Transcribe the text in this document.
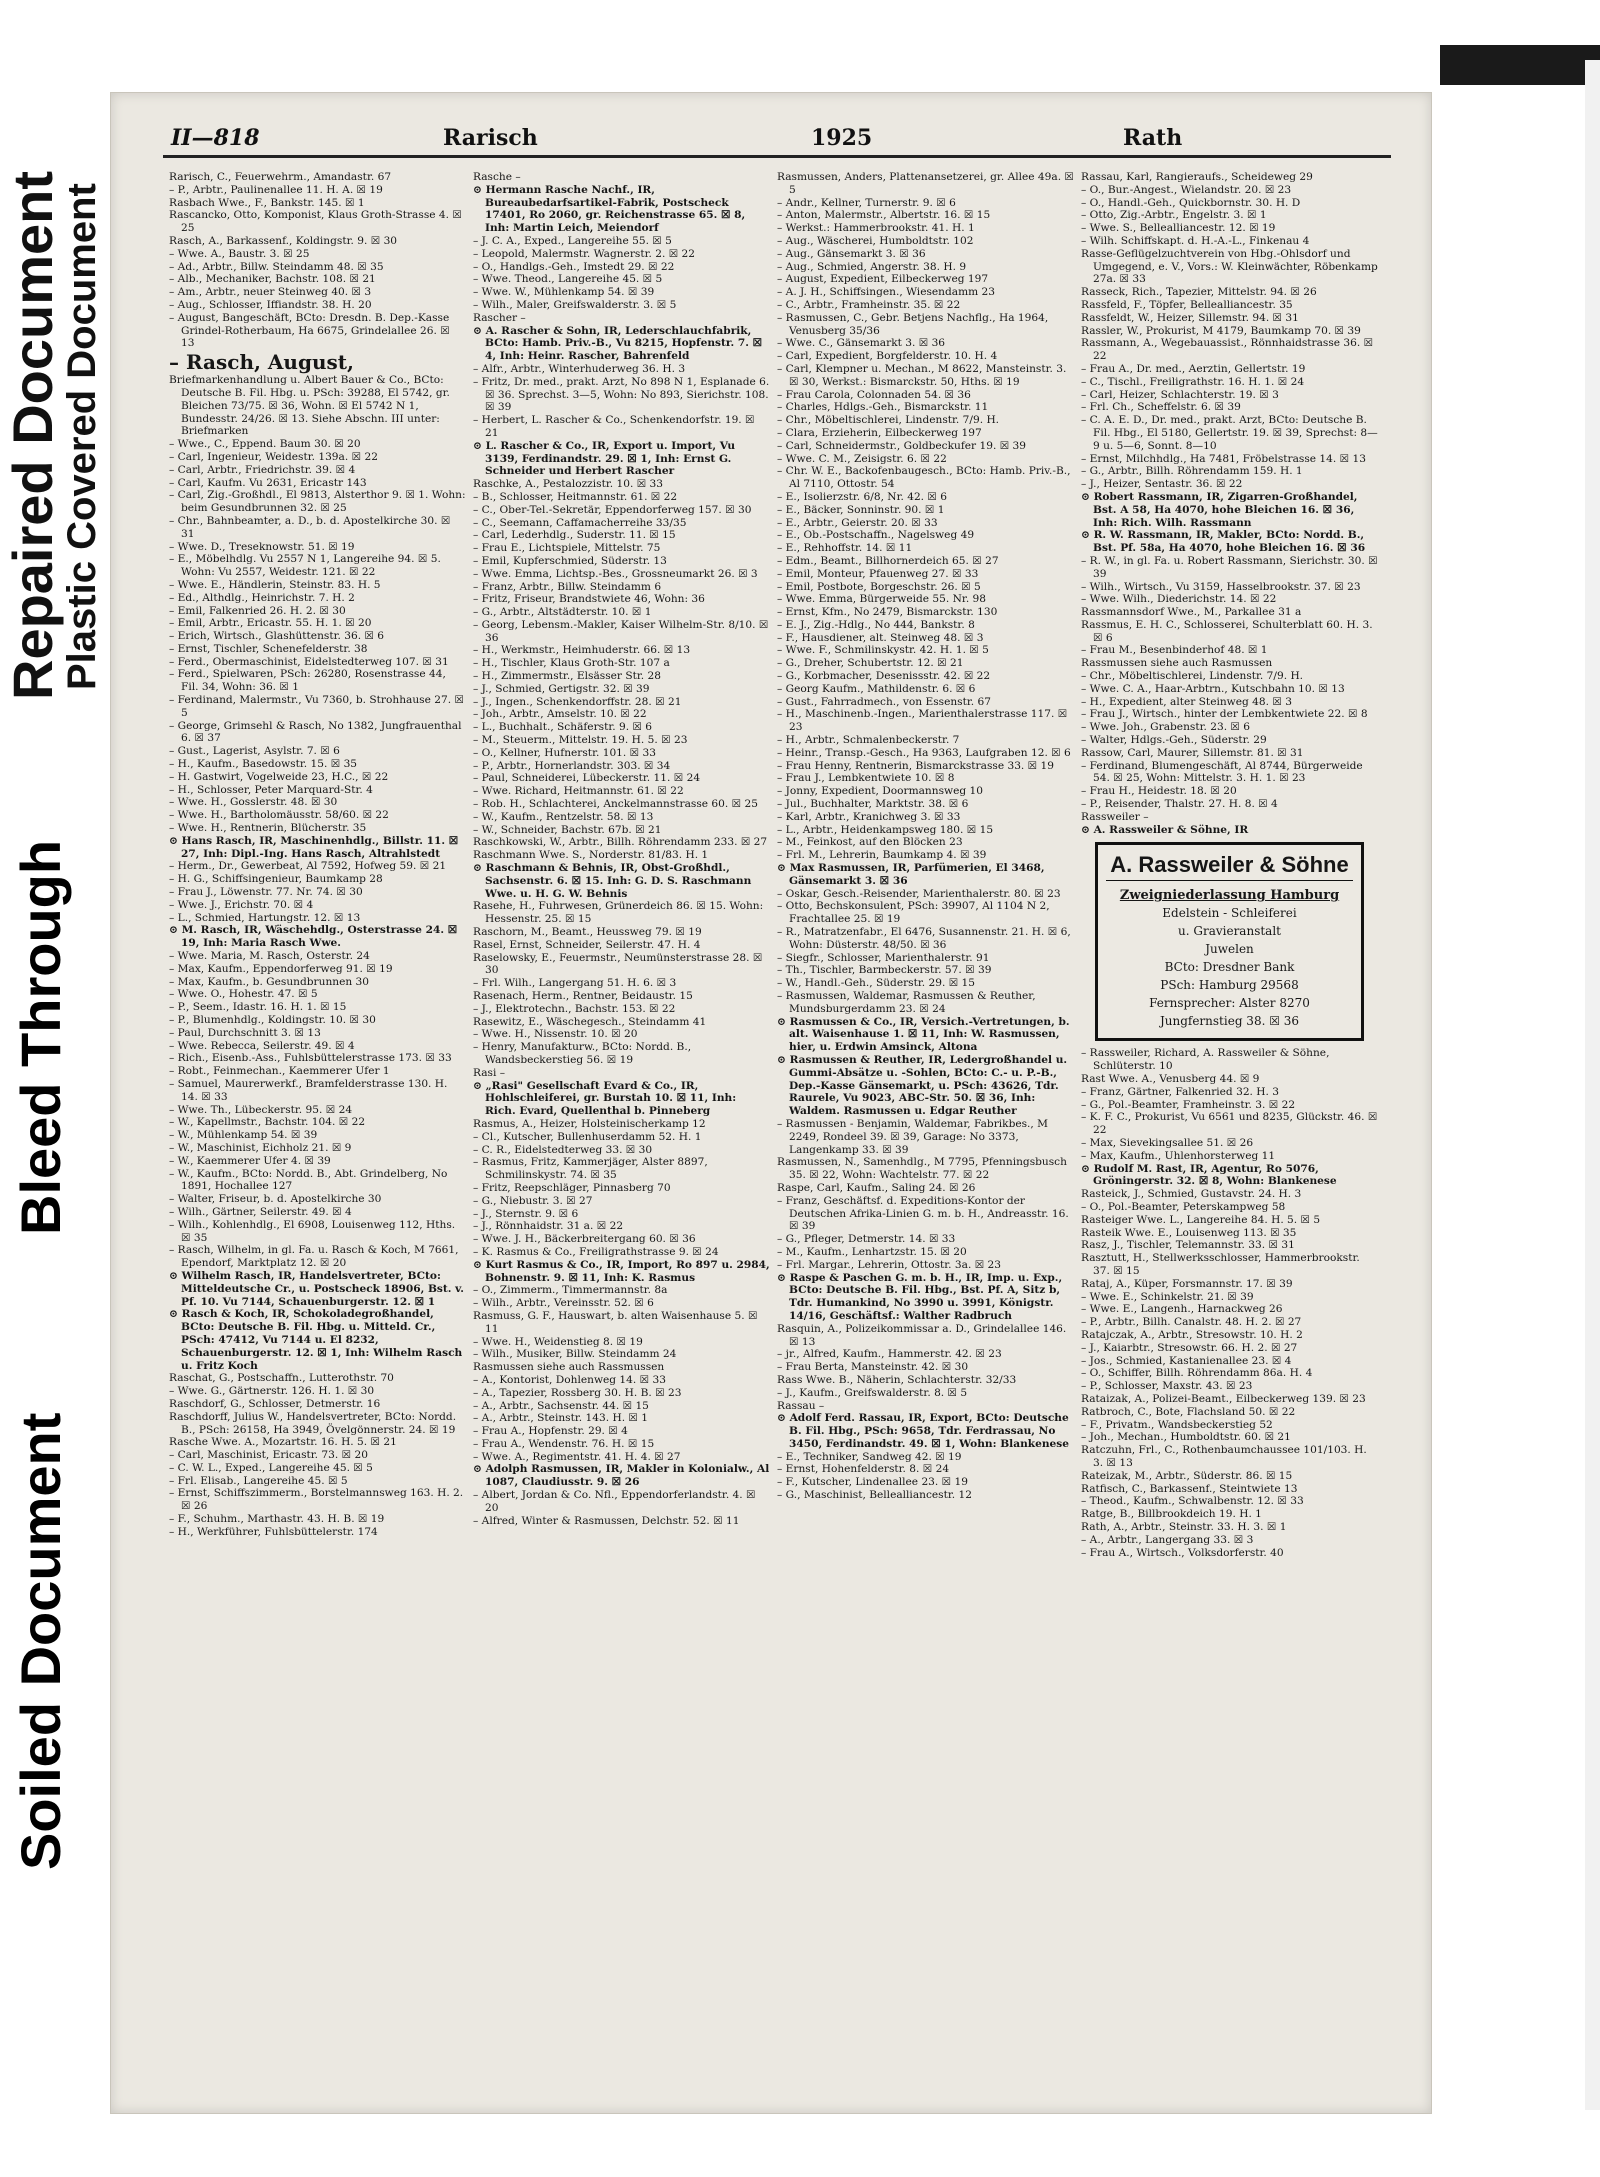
Repaired Document
Plastic Covered Document
Bleed Through
Soiled Document
II—818	Rarisch	1925	Rath

Rarisch, C., Feuerwehrm., Amandastr. 67

– P., Arbtr., Paulinenallee 11. H. A. ☒ 19

Rasbach Wwe., F., Bankstr. 145. ☒ 1

Rascancko, Otto, Komponist, Klaus Groth-Strasse 4. ☒ 25

Rasch, A., Barkassenf., Koldingstr. 9. ☒ 30

– Wwe. A., Baustr. 3. ☒ 25

– Ad., Arbtr., Billw. Steindamm 48. ☒ 35

– Alb., Mechaniker, Bachstr. 108. ☒ 21

– Am., Arbtr., neuer Steinweg 40. ☒ 3

– Aug., Schlosser, Iffiandstr. 38. H. 20

– August, Bangeschäft, BCto: Dresdn. B. Dep.-Kasse Grindel-Rotherbaum, Ha 6675, Grindelallee 26. ☒ 13

– Rasch, August,

Briefmarkenhandlung u. Albert Bauer & Co., BCto: Deutsche B. Fil. Hbg. u. PSch: 39288, El 5742, gr. Bleichen 73/75. ☒ 36, Wohn. ☒ El 5742 N 1, Bundesstr. 24/26. ☒ 13. Siehe Abschn. III unter: Briefmarken

– Wwe., C., Eppend. Baum 30. ☒ 20

– Carl, Ingenieur, Weidestr. 139a. ☒ 22

– Carl, Arbtr., Friedrichstr. 39. ☒ 4

– Carl, Kaufm. Vu 2631, Ericastr 143

– Carl, Zig.-Großhdl., El 9813, Alsterthor 9. ☒ 1. Wohn: beim Gesundbrunnen 32. ☒ 25

– Chr., Bahnbeamter, a. D., b. d. Apostelkirche 30. ☒ 31

– Wwe. D., Treseknowstr. 51. ☒ 19

– E., Möbelhdlg. Vu 2557 N 1, Langereihe 94. ☒ 5. Wohn: Vu 2557, Weidestr. 121. ☒ 22

– Wwe. E., Händlerin, Steinstr. 83. H. 5

– Ed., Althdlg., Heinrichstr. 7. H. 2

– Emil, Falkenried 26. H. 2. ☒ 30

– Emil, Arbtr., Ericastr. 55. H. 1. ☒ 20

– Erich, Wirtsch., Glashüttenstr. 36. ☒ 6

– Ernst, Tischler, Schenefelderstr. 38

– Ferd., Obermaschinist, Eidelstedterweg 107. ☒ 31

– Ferd., Spielwaren, PSch: 26280, Rosenstrasse 44, Fil. 34, Wohn: 36. ☒ 1

– Ferdinand, Malermstr., Vu 7360, b. Strohhause 27. ☒ 5

– George, Grimsehl & Rasch, No 1382, Jungfrauenthal 6. ☒ 37

– Gust., Lagerist, Asylstr. 7. ☒ 6

– H., Kaufm., Basedowstr. 15. ☒ 35

– H. Gastwirt, Vogelweide 23, H.C., ☒ 22

– H., Schlosser, Peter Marquard-Str. 4

– Wwe. H., Gosslerstr. 48. ☒ 30

– Wwe. H., Bartholomäusstr. 58/60. ☒ 22

– Wwe. H., Rentnerin, Blücherstr. 35

⊙ Hans Rasch, IR, Maschinenhdlg., Billstr. 11. ☒ 27, Inh: Dipl.-Ing. Hans Rasch, Altrahlstedt

– Herm., Dr., Gewerbeat, Al 7592, Hofweg 59. ☒ 21

– H. G., Schiffsingenieur, Baumkamp 28

– Frau J., Löwenstr. 77. Nr. 74. ☒ 30

– Wwe. J., Erichstr. 70. ☒ 4

– L., Schmied, Hartungstr. 12. ☒ 13

⊙ M. Rasch, IR, Wäschehdlg., Osterstrasse 24. ☒ 19, Inh: Maria Rasch Wwe.

– Wwe. Maria, M. Rasch, Osterstr. 24

– Max, Kaufm., Eppendorferweg 91. ☒ 19

– Max, Kaufm., b. Gesundbrunnen 30

– Wwe. O., Hohestr. 47. ☒ 5

– P., Seem., Idastr. 16. H. 1. ☒ 15

– P., Blumenhdlg., Koldingstr. 10. ☒ 30

– Paul, Durchschnitt 3. ☒ 13

– Wwe. Rebecca, Seilerstr. 49. ☒ 4

– Rich., Eisenb.-Ass., Fuhlsbüttelerstrasse 173. ☒ 33

– Robt., Feinmechan., Kaemmerer Ufer 1

– Samuel, Maurerwerkf., Bramfelderstrasse 130. H. 14. ☒ 33

– Wwe. Th., Lübeckerstr. 95. ☒ 24

– W., Kapellmstr., Bachstr. 104. ☒ 22

– W., Mühlenkamp 54. ☒ 39

– W., Maschinist, Eichholz 21. ☒ 9

– W., Kaemmerer Ufer 4. ☒ 39

– W., Kaufm., BCto: Nordd. B., Abt. Grindelberg, No 1891, Hochallee 127

– Walter, Friseur, b. d. Apostelkirche 30

– Wilh., Gärtner, Seilerstr. 49. ☒ 4

– Wilh., Kohlenhdlg., El 6908, Louisenweg 112, Hths. ☒ 35

– Rasch, Wilhelm, in gl. Fa. u. Rasch & Koch, M 7661, Ependorf, Marktplatz 12. ☒ 20

⊙ Wilhelm Rasch, IR, Handelsvertreter, BCto: Mitteldeutsche Cr., u. Postscheck 18906, Bst. v. Pf. 10. Vu 7144, Schauenburgerstr. 12. ☒ 1

⊙ Rasch & Koch, IR, Schokoladegroßhandel, BCto: Deutsche B. Fil. Hbg. u. Mitteld. Cr., PSch: 47412, Vu 7144 u. El 8232, Schauenburgerstr. 12. ☒ 1, Inh: Wilhelm Rasch u. Fritz Koch

Raschat, G., Postschaffn., Lutterothstr. 70

– Wwe. G., Gärtnerstr. 126. H. 1. ☒ 30

Raschdorf, G., Schlosser, Detmerstr. 16

Raschdorff, Julius W., Handelsvertreter, BCto: Nordd. B., PSch: 26158, Ha 3949, Övelgönnerstr. 24. ☒ 19

Rasche Wwe. A., Mozartstr. 16. H. 5. ☒ 21

– Carl, Maschinist, Ericastr. 73. ☒ 20

– C. W. L., Exped., Langereihe 45. ☒ 5

– Frl. Elisab., Langereihe 45. ☒ 5

– Ernst, Schiffszimmerm., Borstelmannsweg 163. H. 2. ☒ 26

– F., Schuhm., Marthastr. 43. H. B. ☒ 19

– H., Werkführer, Fuhlsbüttelerstr. 174

Rasche –

⊙ Hermann Rasche Nachf., IR, Bureaubedarfsartikel-Fabrik, Postscheck 17401, Ro 2060, gr. Reichenstrasse 65. ☒ 8, Inh: Martin Leich, Meiendorf

– J. C. A., Exped., Langereihe 55. ☒ 5

– Leopold, Malermstr. Wagnerstr. 2. ☒ 22

– O., Handlgs.-Geh., Imstedt 29. ☒ 22

– Wwe. Theod., Langereihe 45. ☒ 5

– Wwe. W., Mühlenkamp 54. ☒ 39

– Wilh., Maler, Greifswalderstr. 3. ☒ 5

Rascher –

⊙ A. Rascher & Sohn, IR, Lederschlauchfabrik, BCto: Hamb. Priv.-B., Vu 8215, Hopfenstr. 7. ☒ 4, Inh: Heinr. Rascher, Bahrenfeld

– Alfr., Arbtr., Winterhuderweg 36. H. 3

– Fritz, Dr. med., prakt. Arzt, No 898 N 1, Esplanade 6. ☒ 36. Sprechst. 3—5, Wohn: No 893, Sierichstr. 108. ☒ 39

– Herbert, L. Rascher & Co., Schenkendorfstr. 19. ☒ 21

⊙ L. Rascher & Co., IR, Export u. Import, Vu 3139, Ferdinandstr. 29. ☒ 1, Inh: Ernst G. Schneider und Herbert Rascher

Raschke, A., Pestalozzistr. 10. ☒ 33

– B., Schlosser, Heitmannstr. 61. ☒ 22

– C., Ober-Tel.-Sekretär, Eppendorferweg 157. ☒ 30

– C., Seemann, Caffamacherreihe 33/35

– Carl, Lederhdlg., Suderstr. 11. ☒ 15

– Frau E., Lichtspiele, Mittelstr. 75

– Emil, Kupferschmied, Süderstr. 13

– Wwe. Emma, Lichtsp.-Bes., Grossneumarkt 26. ☒ 3

– Franz, Arbtr., Billw. Steindamm 6

– Fritz, Friseur, Brandstwiete 46, Wohn: 36

– G., Arbtr., Altstädterstr. 10. ☒ 1

– Georg, Lebensm.-Makler, Kaiser Wilhelm-Str. 8/10. ☒ 36

– H., Werkmstr., Heimhuderstr. 66. ☒ 13

– H., Tischler, Klaus Groth-Str. 107 a

– H., Zimmermstr., Elsässer Str. 28

– J., Schmied, Gertigstr. 32. ☒ 39

– J., Ingen., Schenkendorffstr. 28. ☒ 21

– Joh., Arbtr., Amselstr. 10. ☒ 22

– L., Buchhalt., Schäferstr. 9. ☒ 6

– M., Steuerm., Mittelstr. 19. H. 5. ☒ 23

– O., Kellner, Hufnerstr. 101. ☒ 33

– P., Arbtr., Hornerlandstr. 303. ☒ 34

– Paul, Schneiderei, Lübeckerstr. 11. ☒ 24

– Wwe. Richard, Heitmannstr. 61. ☒ 22

– Rob. H., Schlachterei, Anckelmannstrasse 60. ☒ 25

– W., Kaufm., Rentzelstr. 58. ☒ 13

– W., Schneider, Bachstr. 67b. ☒ 21

Raschkowski, W., Arbtr., Billh. Röhrendamm 233. ☒ 27

Raschmann Wwe. S., Norderstr. 81/83. H. 1

⊙ Raschmann & Behnis, IR, Obst-Großhdl., Sachsenstr. 6. ☒ 15. Inh: G. D. S. Raschmann Wwe. u. H. G. W. Behnis

Rasehe, H., Fuhrwesen, Grünerdeich 86. ☒ 15. Wohn: Hessenstr. 25. ☒ 15

Raschorn, M., Beamt., Heussweg 79. ☒ 19

Rasel, Ernst, Schneider, Seilerstr. 47. H. 4

Raselowsky, E., Feuermstr., Neumünsterstrasse 28. ☒ 30

– Frl. Wilh., Langergang 51. H. 6. ☒ 3

Rasenach, Herm., Rentner, Beidaustr. 15

– J., Elektrotechn., Bachstr. 153. ☒ 22

Rasewitz, E., Wäschegesch., Steindamm 41

– Wwe. H., Nissenstr. 10. ☒ 20

– Henry, Manufakturw., BCto: Nordd. B., Wandsbeckerstieg 56. ☒ 19

Rasi –

⊙ „Rasi" Gesellschaft Evard & Co., IR, Hohlschleiferei, gr. Burstah 10. ☒ 11, Inh: Rich. Evard, Quellenthal b. Pinneberg

Rasmus, A., Heizer, Holsteinischerkamp 12

– Cl., Kutscher, Bullenhuserdamm 52. H. 1

– C. R., Eidelstedterweg 33. ☒ 30

– Rasmus, Fritz, Kammerjäger, Alster 8897, Schmilinskystr. 74. ☒ 35

– Fritz, Reepschläger, Pinnasberg 70

– G., Niebustr. 3. ☒ 27

– J., Sternstr. 9. ☒ 6

– J., Rönnhaidstr. 31 a. ☒ 22

– Wwe. J. H., Bäckerbreitergang 60. ☒ 36

– K. Rasmus & Co., Freiligrathstrasse 9. ☒ 24

⊙ Kurt Rasmus & Co., IR, Import, Ro 897 u. 2984, Bohnenstr. 9. ☒ 11, Inh: K. Rasmus

– O., Zimmerm., Timmermannstr. 8a

– Wilh., Arbtr., Vereinsstr. 52. ☒ 6

Rasmuss, G. F., Hauswart, b. alten Waisenhause 5. ☒ 11

– Wwe. H., Weidenstieg 8. ☒ 19

– Wilh., Musiker, Billw. Steindamm 24

Rasmussen siehe auch Rassmussen

– A., Kontorist, Dohlenweg 14. ☒ 33

– A., Tapezier, Rossberg 30. H. B. ☒ 23

– A., Arbtr., Sachsenstr. 44. ☒ 15

– A., Arbtr., Steinstr. 143. H. ☒ 1

– Frau A., Hopfenstr. 29. ☒ 4

– Frau A., Wendenstr. 76. H. ☒ 15

– Wwe. A., Regimentstr. 41. H. 4. ☒ 27

⊙ Adolph Rasmussen, IR, Makler in Kolonialw., Al 1087, Claudiusstr. 9. ☒ 26

– Albert, Jordan & Co. Nfl., Eppendorferlandstr. 4. ☒ 20

– Alfred, Winter & Rasmussen, Delchstr. 52. ☒ 11

Rasmussen, Anders, Plattenansetzerei, gr. Allee 49a. ☒ 5

– Andr., Kellner, Turnerstr. 9. ☒ 6

– Anton, Malermstr., Albertstr. 16. ☒ 15

– Werkst.: Hammerbrookstr. 41. H. 1

– Aug., Wäscherei, Humboldtstr. 102

– Aug., Gänsemarkt 3. ☒ 36

– Aug., Schmied, Angerstr. 38. H. 9

– August, Expedient, Eilbeckerweg 197

– A. J. H., Schiffsingen., Wiesendamm 23

– C., Arbtr., Framheinstr. 35. ☒ 22

– Rasmussen, C., Gebr. Betjens Nachflg., Ha 1964, Venusberg 35/36

– Wwe. C., Gänsemarkt 3. ☒ 36

– Carl, Expedient, Borgfelderstr. 10. H. 4

– Carl, Klempner u. Mechan., M 8622, Mansteinstr. 3. ☒ 30, Werkst.: Bismarckstr. 50, Hths. ☒ 19

– Frau Carola, Colonnaden 54. ☒ 36

– Charles, Hdlgs.-Geh., Bismarckstr. 11

– Chr., Möbeltischlerei, Lindenstr. 7/9. H.

– Clara, Erzieherin, Eilbeckerweg 197

– Carl, Schneidermstr., Goldbeckufer 19. ☒ 39

– Wwe. C. M., Zeisigstr. 6. ☒ 22

– Chr. W. E., Backofenbaugesch., BCto: Hamb. Priv.-B., Al 7110, Ottostr. 54

– E., Isolierzstr. 6/8, Nr. 42. ☒ 6

– E., Bäcker, Sonninstr. 90. ☒ 1

– E., Arbtr., Geierstr. 20. ☒ 33

– E., Ob.-Postschaffn., Nagelsweg 49

– E., Rehhoffstr. 14. ☒ 11

– Edm., Beamt., Billhornerdeich 65. ☒ 27

– Emil, Monteur, Pfauenweg 27. ☒ 33

– Emil, Postbote, Borgeschstr. 26. ☒ 5

– Wwe. Emma, Bürgerweide 55. Nr. 98

– Ernst, Kfm., No 2479, Bismarckstr. 130

– E. J., Zig.-Hdlg., No 444, Bankstr. 8

– F., Hausdiener, alt. Steinweg 48. ☒ 3

– Wwe. F., Schmilinskystr. 42. H. 1. ☒ 5

– G., Dreher, Schubertstr. 12. ☒ 21

– G., Korbmacher, Desenissstr. 42. ☒ 22

– Georg Kaufm., Mathildenstr. 6. ☒ 6

– Gust., Fahrradmech., von Essenstr. 67

– H., Maschinenb.-Ingen., Marienthalerstrasse 117. ☒ 23

– H., Arbtr., Schmalenbeckerstr. 7

– Heinr., Transp.-Gesch., Ha 9363, Laufgraben 12. ☒ 6

– Frau Henny, Rentnerin, Bismarckstrasse 33. ☒ 19

– Frau J., Lembkentwiete 10. ☒ 8

– Jonny, Expedient, Doormannsweg 10

– Jul., Buchhalter, Marktstr. 38. ☒ 6

– Karl, Arbtr., Kranichweg 3. ☒ 33

– L., Arbtr., Heidenkampsweg 180. ☒ 15

– M., Feinkost, auf den Blöcken 23

– Frl. M., Lehrerin, Baumkamp 4. ☒ 39

⊙ Max Rasmussen, IR, Parfümerien, El 3468, Gänsemarkt 3. ☒ 36

– Oskar, Gesch.-Reisender, Marienthalerstr. 80. ☒ 23

– Otto, Bechskonsulent, PSch: 39907, Al 1104 N 2, Frachtallee 25. ☒ 19

– R., Matratzenfabr., El 6476, Susannenstr. 21. H. ☒ 6, Wohn: Düsterstr. 48/50. ☒ 36

– Siegfr., Schlosser, Marienthalerstr. 91

– Th., Tischler, Barmbeckerstr. 57. ☒ 39

– W., Handl.-Geh., Süderstr. 29. ☒ 15

– Rasmussen, Waldemar, Rasmussen & Reuther, Mundsburgerdamm 23. ☒ 24

⊙ Rasmussen & Co., IR, Versich.-Vertretungen, b. alt. Waisenhause 1. ☒ 11, Inh: W. Rasmussen, hier, u. Erdwin Amsinck, Altona

⊙ Rasmussen & Reuther, IR, Ledergroßhandel u. Gummi-Absätze u. -Sohlen, BCto: C.- u. P.-B., Dep.-Kasse Gänsemarkt, u. PSch: 43626, Tdr. Raurele, Vu 9023, ABC-Str. 50. ☒ 36, Inh: Waldem. Rasmussen u. Edgar Reuther

– Rasmussen - Benjamin, Waldemar, Fabrikbes., M 2249, Rondeel 39. ☒ 39, Garage: No 3373, Langenkamp 33. ☒ 39

Rasmussen, N., Samenhdlg., M 7795, Pfenningsbusch 35. ☒ 22, Wohn: Wachtelstr. 77. ☒ 22

Raspe, Carl, Kaufm., Saling 24. ☒ 26

– Franz, Geschäftsf. d. Expeditions-Kontor der Deutschen Afrika-Linien G. m. b. H., Andreasstr. 16. ☒ 39

– G., Pfleger, Detmerstr. 14. ☒ 33

– M., Kaufm., Lenhartzstr. 15. ☒ 20

– Frl. Margar., Lehrerin, Ottostr. 3a. ☒ 23

⊙ Raspe & Paschen G. m. b. H., IR, Imp. u. Exp., BCto: Deutsche B. Fil. Hbg., Bst. Pf. A, Sitz b, Tdr. Humankind, No 3990 u. 3991, Königstr. 14/16, Geschäftsf.: Walther Radbruch

Rasquin, A., Polizeikommissar a. D., Grindelallee 146. ☒ 13

– jr., Alfred, Kaufm., Hammerstr. 42. ☒ 23

– Frau Berta, Mansteinstr. 42. ☒ 30

Rass Wwe. B., Näherin, Schlachterstr. 32/33

– J., Kaufm., Greifswalderstr. 8. ☒ 5

Rassau –

⊙ Adolf Ferd. Rassau, IR, Export, BCto: Deutsche B. Fil. Hbg., PSch: 9658, Tdr. Ferdrassau, No 3450, Ferdinandstr. 49. ☒ 1, Wohn: Blankenese

– E., Techniker, Sandweg 42. ☒ 19

– Ernst, Hohenfelderstr. 8. ☒ 24

– F., Kutscher, Lindenallee 23. ☒ 19

– G., Maschinist, Bellealliancestr. 12

Rassau, Karl, Rangieraufs., Scheideweg 29

– O., Bur.-Angest., Wielandstr. 20. ☒ 23

– O., Handl.-Geh., Quickbornstr. 30. H. D

– Otto, Zig.-Arbtr., Engelstr. 3. ☒ 1

– Wwe. S., Bellealliancestr. 12. ☒ 19

– Wilh. Schiffskapt. d. H.-A.-L., Finkenau 4

Rasse-Geflügelzuchtverein von Hbg.-Ohlsdorf und Umgegend, e. V., Vors.: W. Kleinwächter, Röbenkamp 27a. ☒ 33

Rasseck, Rich., Tapezier, Mittelstr. 94. ☒ 26

Rassfeld, F., Töpfer, Bellealliancestr. 35

Rassfeldt, W., Heizer, Sillemstr. 94. ☒ 31

Rassler, W., Prokurist, M 4179, Baumkamp 70. ☒ 39

Rassmann, A., Wegebauassist., Rönnhaidstrasse 36. ☒ 22

– Frau A., Dr. med., Aerztin, Gellertstr. 19

– C., Tischl., Freiligrathstr. 16. H. 1. ☒ 24

– Carl, Heizer, Schlachterstr. 19. ☒ 3

– Frl. Ch., Scheffelstr. 6. ☒ 39

– C. A. E. D., Dr. med., prakt. Arzt, BCto: Deutsche B. Fil. Hbg., El 5180, Gellertstr. 19. ☒ 39, Sprechst: 8—9 u. 5—6, Sonnt. 8—10

– Ernst, Milchhdlg., Ha 7481, Fröbelstrasse 14. ☒ 13

– G., Arbtr., Billh. Röhrendamm 159. H. 1

– J., Heizer, Sentastr. 36. ☒ 22

⊙ Robert Rassmann, IR, Zigarren-Großhandel, Bst. A 58, Ha 4070, hohe Bleichen 16. ☒ 36, Inh: Rich. Wilh. Rassmann

⊙ R. W. Rassmann, IR, Makler, BCto: Nordd. B., Bst. Pf. 58a, Ha 4070, hohe Bleichen 16. ☒ 36

– R. W., in gl. Fa. u. Robert Rassmann, Sierichstr. 30. ☒ 39

– Wilh., Wirtsch., Vu 3159, Hasselbrookstr. 37. ☒ 23

– Wwe. Wilh., Diederichstr. 14. ☒ 22

Rassmannsdorf Wwe., M., Parkallee 31 a

Rassmus, E. H. C., Schlosserei, Schulterblatt 60. H. 3. ☒ 6

– Frau M., Besenbinderhof 48. ☒ 1

Rassmussen siehe auch Rasmussen

– Chr., Möbeltischlerei, Lindenstr. 7/9. H.

– Wwe. C. A., Haar-Arbtrn., Kutschbahn 10. ☒ 13

– H., Expedient, alter Steinweg 48. ☒ 3

– Frau J., Wirtsch., hinter der Lembkentwiete 22. ☒ 8

– Wwe. Joh., Grabenstr. 23. ☒ 6

– Walter, Hdlgs.-Geh., Süderstr. 29

Rassow, Carl, Maurer, Sillemstr. 81. ☒ 31

– Ferdinand, Blumengeschäft, Al 8744, Bürgerweide 54. ☒ 25, Wohn: Mittelstr. 3. H. 1. ☒ 23

– Frau H., Heidestr. 18. ☒ 20

– P., Reisender, Thalstr. 27. H. 8. ☒ 4

Rassweiler –

⊙ A. Rassweiler & Söhne, IR

A. Rassweiler & Söhne
Zweigniederlassung Hamburg
Edelstein - Schleiferei
u. Gravieranstalt
Juwelen
BCto: Dresdner Bank
PSch: Hamburg 29568
Fernsprecher: Alster 8270
Jungfernstieg 38. ☒ 36

– Rassweiler, Richard, A. Rassweiler & Söhne, Schlüterstr. 10

Rast Wwe. A., Venusberg 44. ☒ 9

– Franz, Gärtner, Falkenried 32. H. 3

– G., Pol.-Beamter, Framheinstr. 3. ☒ 22

– K. F. C., Prokurist, Vu 6561 und 8235, Glückstr. 46. ☒ 22

– Max, Sievekingsallee 51. ☒ 26

– Max, Kaufm., Uhlenhorsterweg 11

⊙ Rudolf M. Rast, IR, Agentur, Ro 5076, Gröningerstr. 32. ☒ 8, Wohn: Blankenese

Rasteick, J., Schmied, Gustavstr. 24. H. 3

– O., Pol.-Beamter, Peterskampweg 58

Rasteiger Wwe. L., Langereihe 84. H. 5. ☒ 5

Rasteik Wwe. E., Louisenweg 113. ☒ 35

Rasz, J., Tischler, Telemannstr. 33. ☒ 31

Rasztutt, H., Stellwerksschlosser, Hammerbrookstr. 37. ☒ 15

Rataj, A., Küper, Forsmannstr. 17. ☒ 39

– Wwe. E., Schinkelstr. 21. ☒ 39

– Wwe. E., Langenh., Harnackweg 26

– P., Arbtr., Billh. Canalstr. 48. H. 2. ☒ 27

Ratajczak, A., Arbtr., Stresowstr. 10. H. 2

– J., Kaiarbtr., Stresowstr. 66. H. 2. ☒ 27

– Jos., Schmied, Kastanienallee 23. ☒ 4

– O., Schiffer, Billh. Röhrendamm 86a. H. 4

– P., Schlosser, Maxstr. 43. ☒ 23

Rataizak, A., Polizei-Beamt., Eilbeckerweg 139. ☒ 23

Ratbroch, C., Bote, Flachsland 50. ☒ 22

– F., Privatm., Wandsbeckerstieg 52

– Joh., Mechan., Humboldtstr. 60. ☒ 21

Ratczuhn, Frl., C., Rothenbaumchaussee 101/103. H. 3. ☒ 13

Rateizak, M., Arbtr., Süderstr. 86. ☒ 15

Ratfisch, C., Barkassenf., Steintwiete 13

– Theod., Kaufm., Schwalbenstr. 12. ☒ 33

Ratge, B., Billbrookdeich 19. H. 1

Rath, A., Arbtr., Steinstr. 33. H. 3. ☒ 1

– A., Arbtr., Langergang 33. ☒ 3

– Frau A., Wirtsch., Volksdorferstr. 40
